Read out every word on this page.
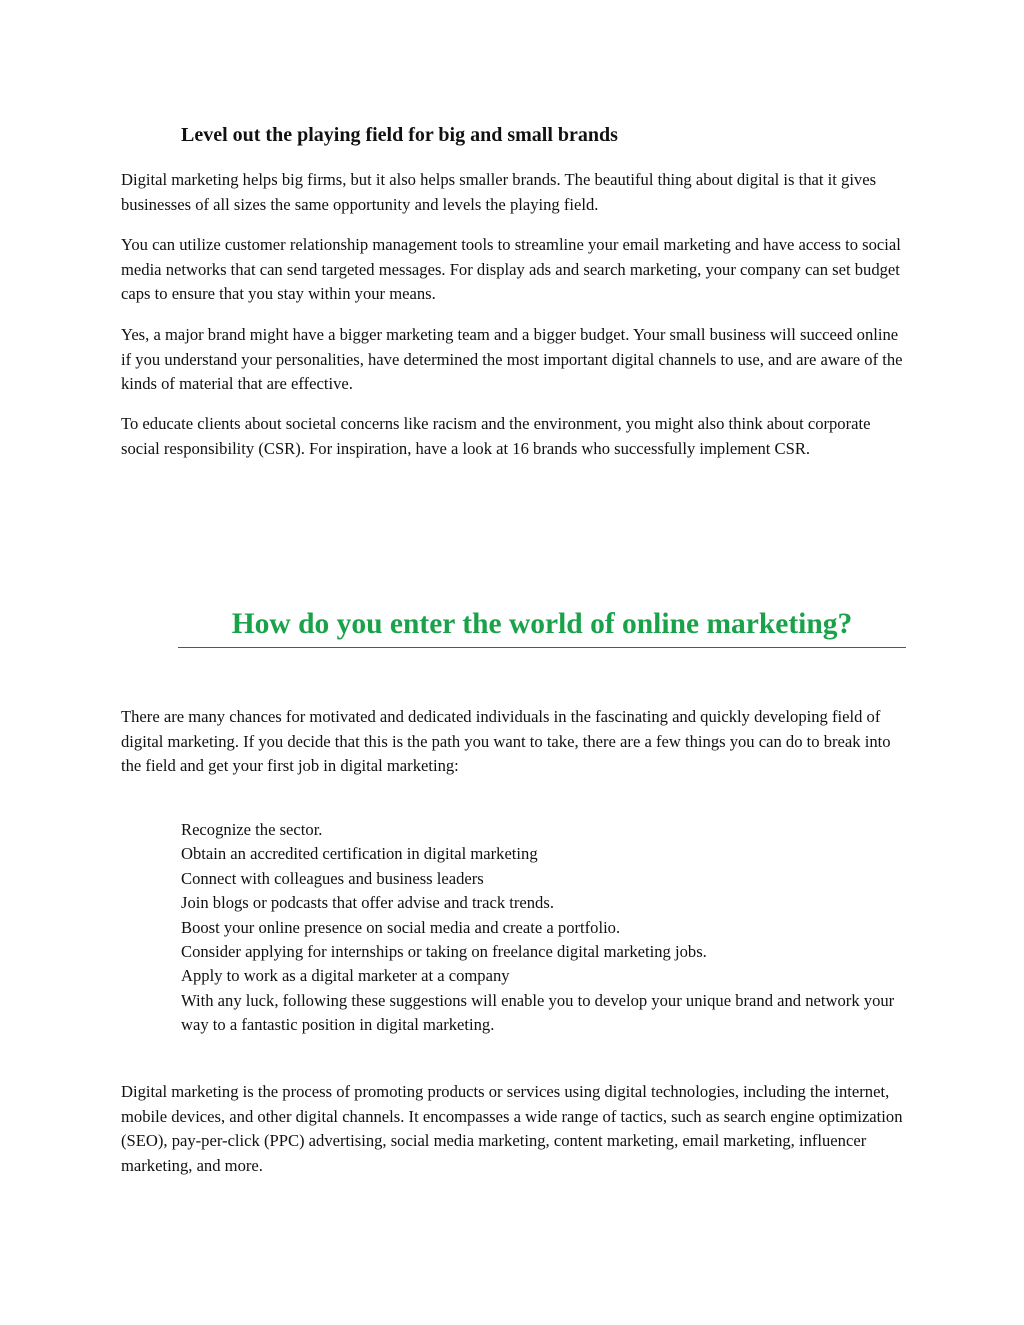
Level out the playing field for big and small brands

Digital marketing helps big firms, but it also helps smaller brands. The beautiful thing about digital is that it gives businesses of all sizes the same opportunity and levels the playing field.

You can utilize customer relationship management tools to streamline your email marketing and have access to social media networks that can send targeted messages. For display ads and search marketing, your company can set budget caps to ensure that you stay within your means.

Yes, a major brand might have a bigger marketing team and a bigger budget. Your small business will succeed online if you understand your personalities, have determined the most important digital channels to use, and are aware of the kinds of material that are effective.

To educate clients about societal concerns like racism and the environment, you might also think about corporate social responsibility (CSR). For inspiration, have a look at 16 brands who successfully implement CSR.

How do you enter the world of online marketing?

There are many chances for motivated and dedicated individuals in the fascinating and quickly developing field of digital marketing. If you decide that this is the path you want to take, there are a few things you can do to break into the field and get your first job in digital marketing:

Recognize the sector.
Obtain an accredited certification in digital marketing
Connect with colleagues and business leaders
Join blogs or podcasts that offer advise and track trends.
Boost your online presence on social media and create a portfolio.
Consider applying for internships or taking on freelance digital marketing jobs.
Apply to work as a digital marketer at a company
With any luck, following these suggestions will enable you to develop your unique brand and network your way to a fantastic position in digital marketing.

Digital marketing is the process of promoting products or services using digital technologies, including the internet, mobile devices, and other digital channels. It encompasses a wide range of tactics, such as search engine optimization (SEO), pay-per-click (PPC) advertising, social media marketing, content marketing, email marketing, influencer marketing, and more.
